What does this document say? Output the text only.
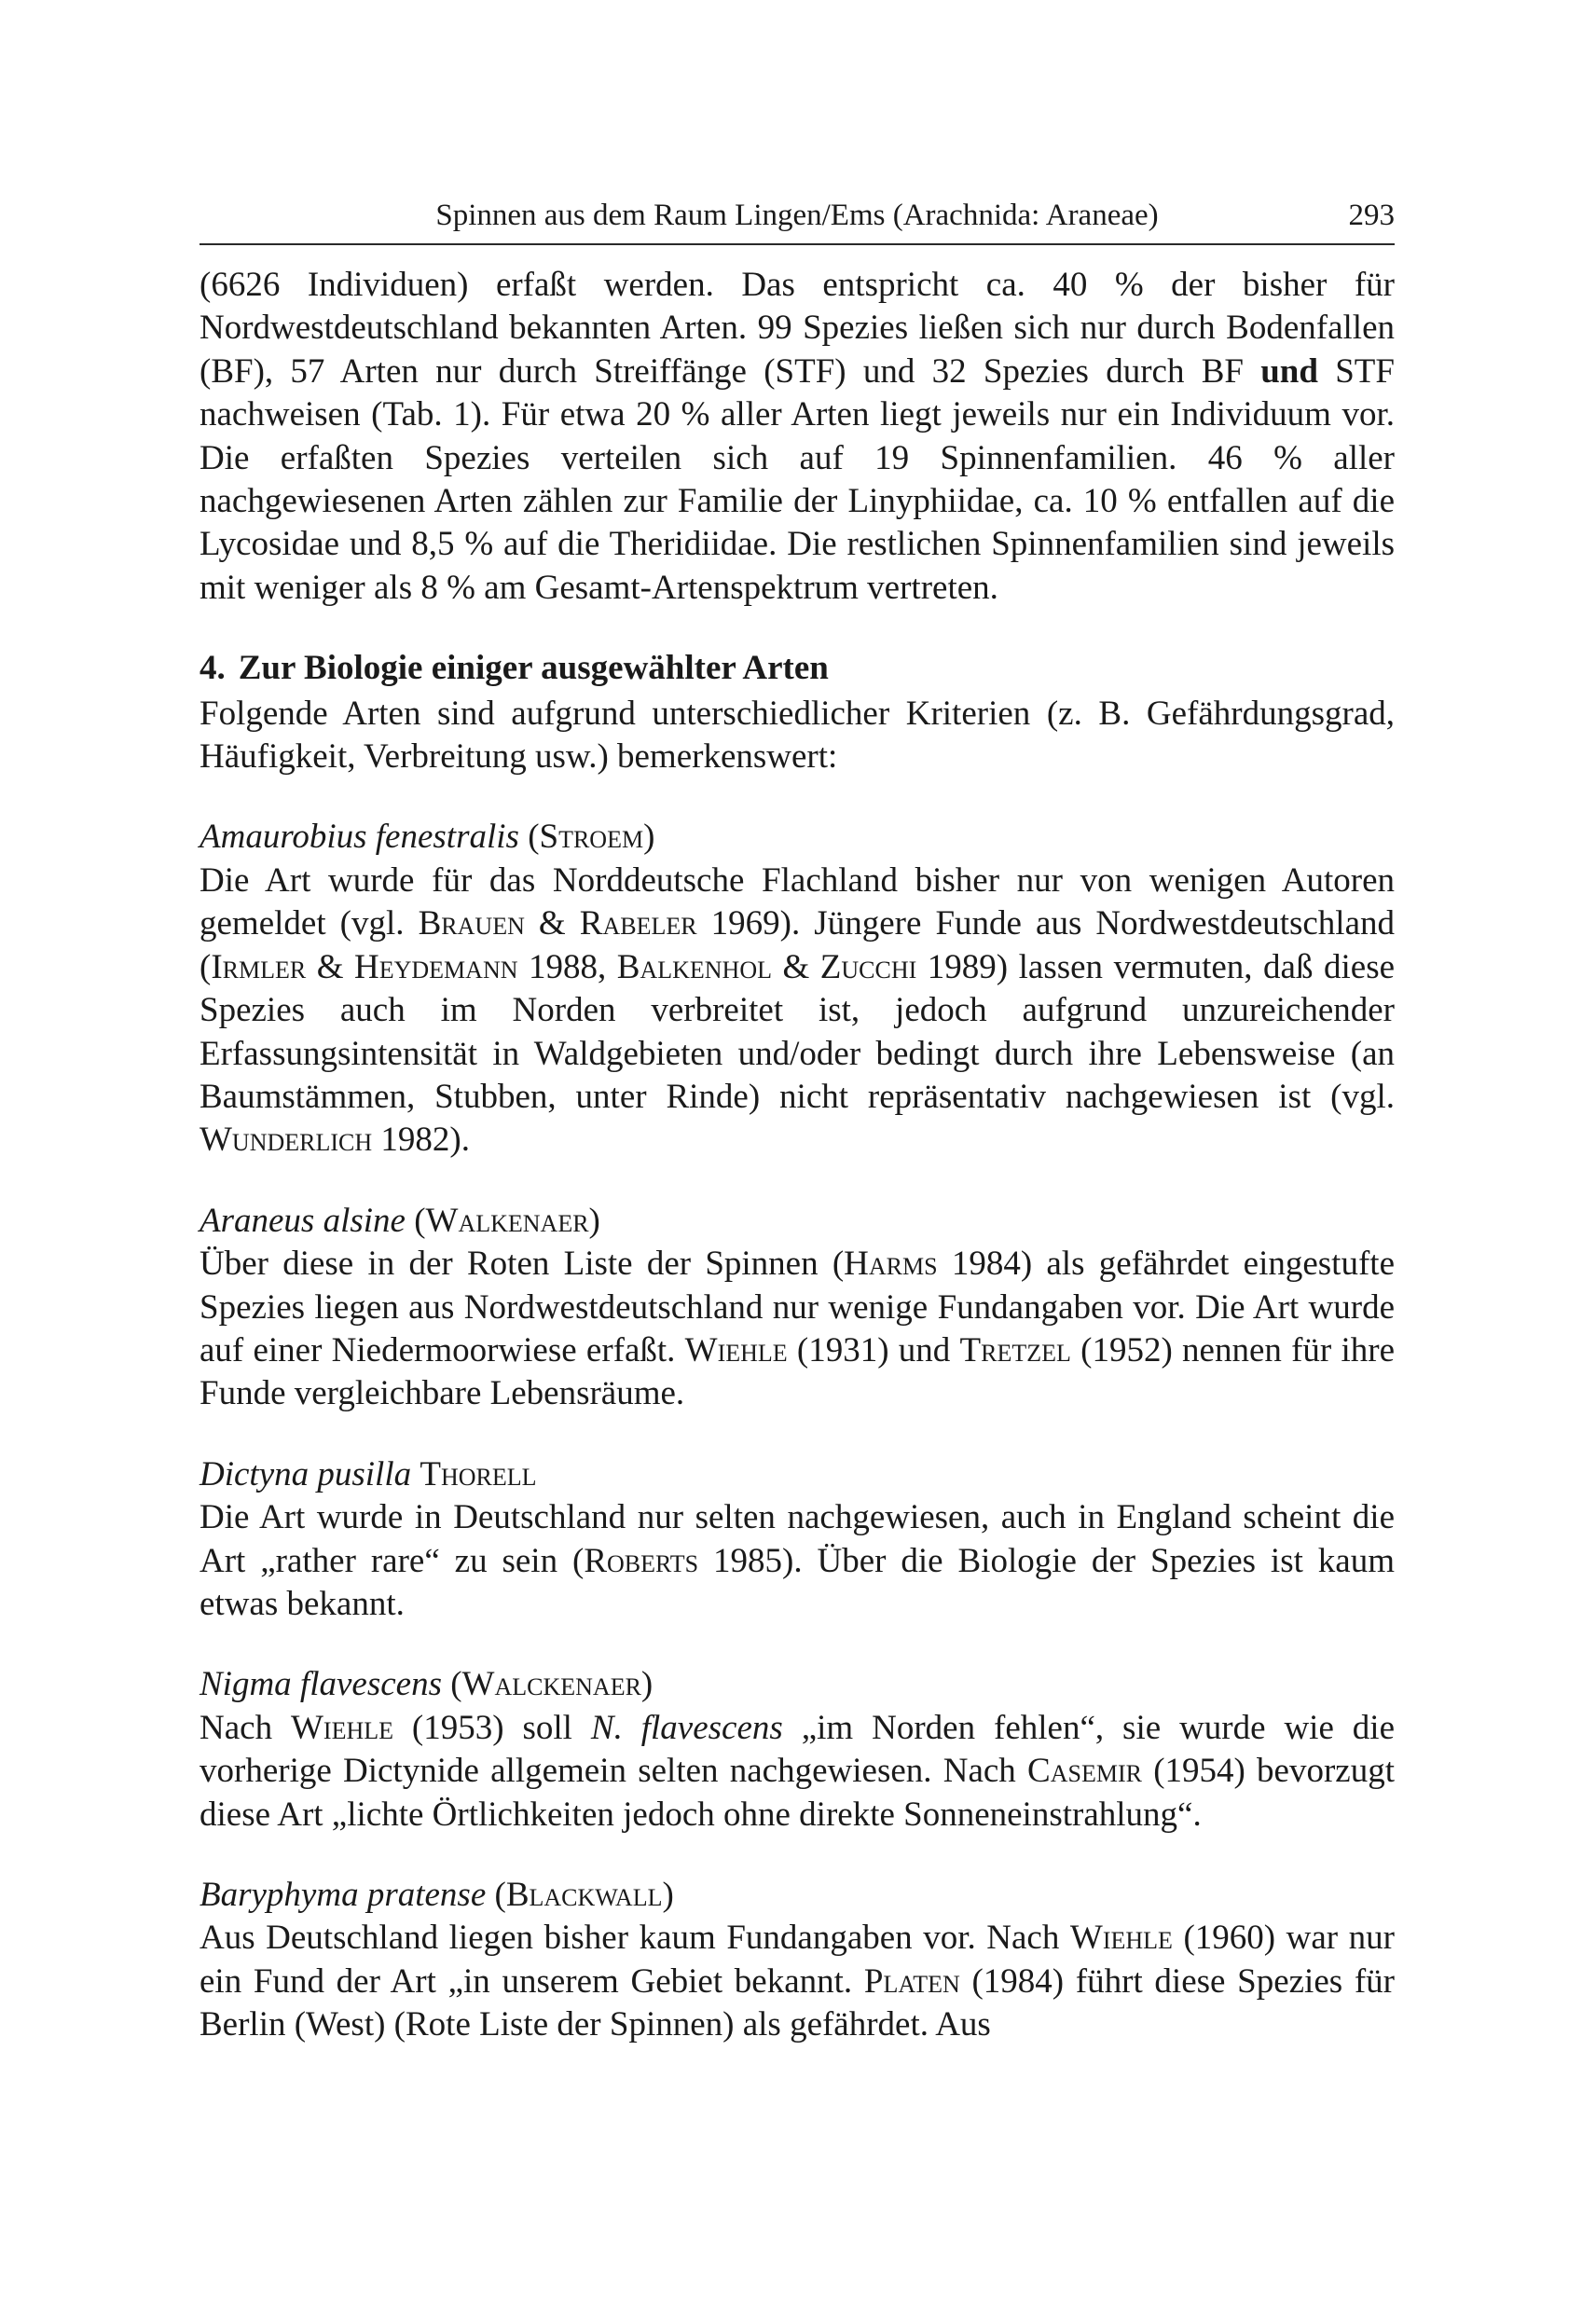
Spinnen aus dem Raum Lingen/Ems (Arachnida: Araneae)	293

(6626 Individuen) erfaßt werden. Das entspricht ca. 40 % der bisher für Nordwestdeutschland bekannten Arten. 99 Spezies ließen sich nur durch Bodenfallen (BF), 57 Arten nur durch Streiffänge (STF) und 32 Spezies durch BF und STF nachweisen (Tab. 1). Für etwa 20 % aller Arten liegt jeweils nur ein Individuum vor. Die erfaßten Spezies verteilen sich auf 19 Spinnenfamilien. 46 % aller nachgewiesenen Arten zählen zur Familie der Linyphiidae, ca. 10 % entfallen auf die Lycosidae und 8,5 % auf die Theridiidae. Die restlichen Spinnenfamilien sind jeweils mit weniger als 8 % am Gesamt-Artenspektrum vertreten.

4. Zur Biologie einiger ausgewählter Arten

Folgende Arten sind aufgrund unterschiedlicher Kriterien (z. B. Gefährdungsgrad, Häufigkeit, Verbreitung usw.) bemerkenswert:

Amaurobius fenestralis (Stroem)

Die Art wurde für das Norddeutsche Flachland bisher nur von wenigen Autoren gemeldet (vgl. Brauen & Rabeler 1969). Jüngere Funde aus Nordwestdeutschland (Irmler & Heydemann 1988, Balkenhol & Zucchi 1989) lassen vermuten, daß diese Spezies auch im Norden verbreitet ist, jedoch aufgrund unzureichender Erfassungsintensität in Waldgebieten und/oder bedingt durch ihre Lebensweise (an Baumstämmen, Stubben, unter Rinde) nicht repräsentativ nachgewiesen ist (vgl. Wunderlich 1982).

Araneus alsine (Walkenaer)

Über diese in der Roten Liste der Spinnen (Harms 1984) als gefährdet eingestufte Spezies liegen aus Nordwestdeutschland nur wenige Fundangaben vor. Die Art wurde auf einer Niedermoorwiese erfaßt. Wiehle (1931) und Tretzel (1952) nennen für ihre Funde vergleichbare Lebensräume.

Dictyna pusilla Thorell

Die Art wurde in Deutschland nur selten nachgewiesen, auch in England scheint die Art „rather rare“ zu sein (Roberts 1985). Über die Biologie der Spezies ist kaum etwas bekannt.

Nigma flavescens (Walckenaer)

Nach Wiehle (1953) soll N. flavescens „im Norden fehlen“, sie wurde wie die vorherige Dictynide allgemein selten nachgewiesen. Nach Casemir (1954) bevorzugt diese Art „lichte Örtlichkeiten jedoch ohne direkte Sonneneinstrahlung“.

Baryphyma pratense (Blackwall)

Aus Deutschland liegen bisher kaum Fundangaben vor. Nach Wiehle (1960) war nur ein Fund der Art „in unserem Gebiet bekannt. Platen (1984) führt diese Spezies für Berlin (West) (Rote Liste der Spinnen) als gefährdet. Aus
